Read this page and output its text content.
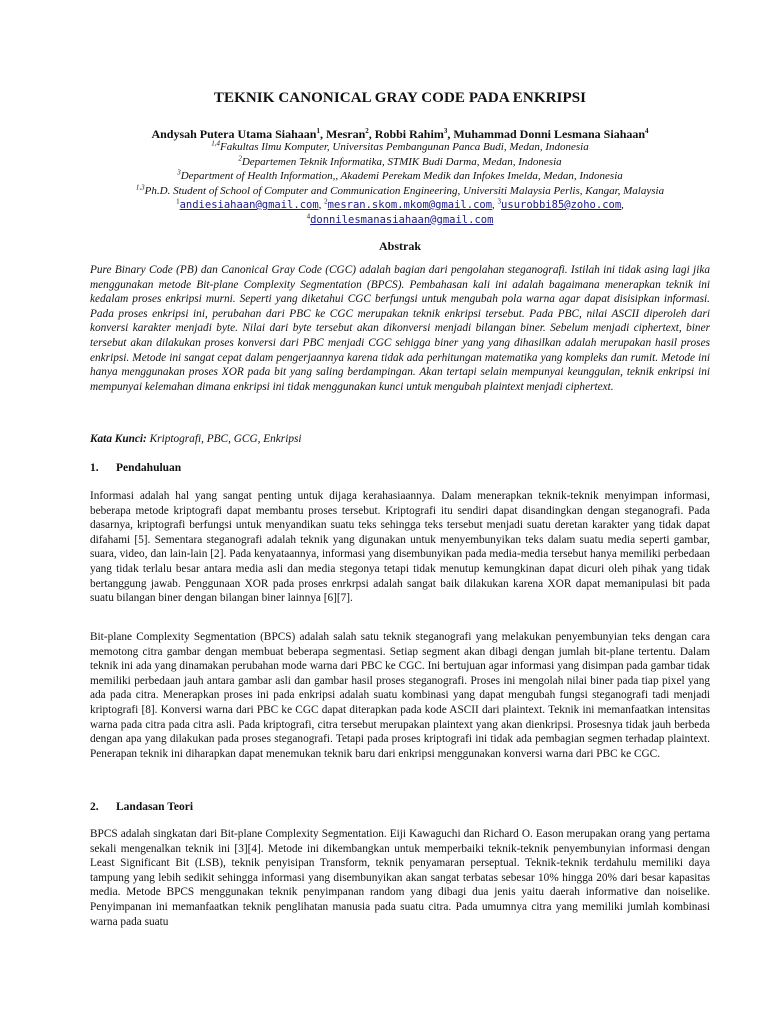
TEKNIK CANONICAL GRAY CODE PADA ENKRIPSI
Andysah Putera Utama Siahaan$^1$, Mesran$^2$, Robbi Rahim$^3$, Muhammad Donni Lesmana Siahaan$^4$
$^{1,4}$Fakultas Ilmu Komputer, Universitas Pembangunan Panca Budi, Medan, Indonesia
$^2$Departemen Teknik Informatika, STMIK Budi Darma, Medan, Indonesia
$^3$Department of Health Information,, Akademi Perekam Medik dan Infokes Imelda, Medan, Indonesia
$^{1,3}$Ph.D. Student of School of Computer and Communication Engineering, Universiti Malaysia Perlis, Kangar, Malaysia
$^1$andiesiahaan@gmail.com, $^2$mesran.skom.mkom@gmail.com, $^3$usurobbi85@zoho.com,
$^4$donnilesmanasiahaan@gmail.com
Abstrak

Pure Binary Code (PB) dan Canonical Gray Code (CGC) adalah bagian dari pengolahan steganografi. Istilah ini tidak asing lagi jika menggunakan metode Bit-plane Complexity Segmentation (BPCS). Pembahasan kali ini adalah bagaimana menerapkan teknik ini kedalam proses enkripsi murni. Seperti yang diketahui CGC berfungsi untuk mengubah pola warna agar dapat disisipkan informasi. Pada proses enkripsi ini, perubahan dari PBC ke CGC merupakan teknik enkripsi tersebut. Pada PBC, nilai ASCII diperoleh dari konversi karakter menjadi byte. Nilai dari byte tersebut akan dikonversi menjadi bilangan biner. Sebelum menjadi ciphertext, biner tersebut akan dilakukan proses konversi dari PBC menjadi CGC sehigga biner yang yang dihasilkan adalah merupakan hasil proses enkripsi. Metode ini sangat cepat dalam pengerjaannya karena tidak ada perhitungan matematika yang kompleks dan rumit. Metode ini hanya menggunakan proses XOR pada bit yang saling berdampingan. Akan tertapi selain mempunyai keunggulan, teknik enkripsi ini mempunyai kelemahan dimana enkripsi ini tidak menggunakan kunci untuk mengubah plaintext menjadi ciphertext.

Kata Kunci: Kriptografi, PBC, GCG, Enkripsi

1. Pendahuluan

Informasi adalah hal yang sangat penting untuk dijaga kerahasiaannya. Dalam menerapkan teknik-teknik menyimpan informasi, beberapa metode kriptografi dapat membantu proses tersebut. Kriptografi itu sendiri dapat disandingkan dengan steganografi. Pada dasarnya, kriptografi berfungsi untuk menyandikan suatu teks sehingga teks tersebut menjadi suatu deretan karakter yang tidak dapat difahami [5]. Sementara steganografi adalah teknik yang digunakan untuk menyembunyikan teks dalam suatu media seperti gambar, suara, video, dan lain-lain [2]. Pada kenyataannya, informasi yang disembunyikan pada media-media tersebut hanya memiliki perbedaan yang tidak terlalu besar antara media asli dan media stegonya tetapi tidak menutup kemungkinan dapat dicuri oleh pihak yang tidak bertanggung jawab. Penggunaan XOR pada proses enrkrpsi adalah sangat baik dilakukan karena XOR dapat memanipulasi bit pada suatu bilangan biner dengan bilangan biner lainnya [6][7].

Bit-plane Complexity Segmentation (BPCS) adalah salah satu teknik steganografi yang melakukan penyembunyian teks dengan cara memotong citra gambar dengan membuat beberapa segmentasi. Setiap segment akan dibagi dengan jumlah bit-plane tertentu. Dalam teknik ini ada yang dinamakan perubahan mode warna dari PBC ke CGC. Ini bertujuan agar informasi yang disimpan pada gambar tidak memiliki perbedaan jauh antara gambar asli dan gambar hasil proses steganografi. Proses ini mengolah nilai biner pada tiap pixel yang ada pada citra. Menerapkan proses ini pada enkripsi adalah suatu kombinasi yang dapat mengubah fungsi steganografi tadi menjadi kriptografi [8]. Konversi warna dari PBC ke CGC dapat diterapkan pada kode ASCII dari plaintext. Teknik ini memanfaatkan intensitas warna pada citra pada citra asli. Pada kriptografi, citra tersebut merupakan plaintext yang akan dienkripsi. Prosesnya tidak jauh berbeda dengan apa yang dilakukan pada proses steganografi. Tetapi pada proses kriptografi ini tidak ada pembagian segmen terhadap plaintext. Penerapan teknik ini diharapkan dapat menemukan teknik baru dari enkripsi menggunakan konversi warna dari PBC ke CGC.

2. Landasan Teori

BPCS adalah singkatan dari Bit-plane Complexity Segmentation. Eiji Kawaguchi dan Richard O. Eason merupakan orang yang pertama sekali mengenalkan teknik ini [3][4]. Metode ini dikembangkan untuk memperbaiki teknik-teknik penyembunyian informasi dengan Least Significant Bit (LSB), teknik penyisipan Transform, teknik penyamaran perseptual. Teknik-teknik terdahulu memiliki daya tampung yang lebih sedikit sehingga informasi yang disembunyikan akan sangat terbatas sebesar 10% hingga 20% dari besar kapasitas media. Metode BPCS menggunakan teknik penyimpanan random yang dibagi dua jenis yaitu daerah informative dan noiselike. Penyimpanan ini memanfaatkan teknik penglihatan manusia pada suatu citra. Pada umumnya citra yang memiliki jumlah kombinasi warna pada suatu
